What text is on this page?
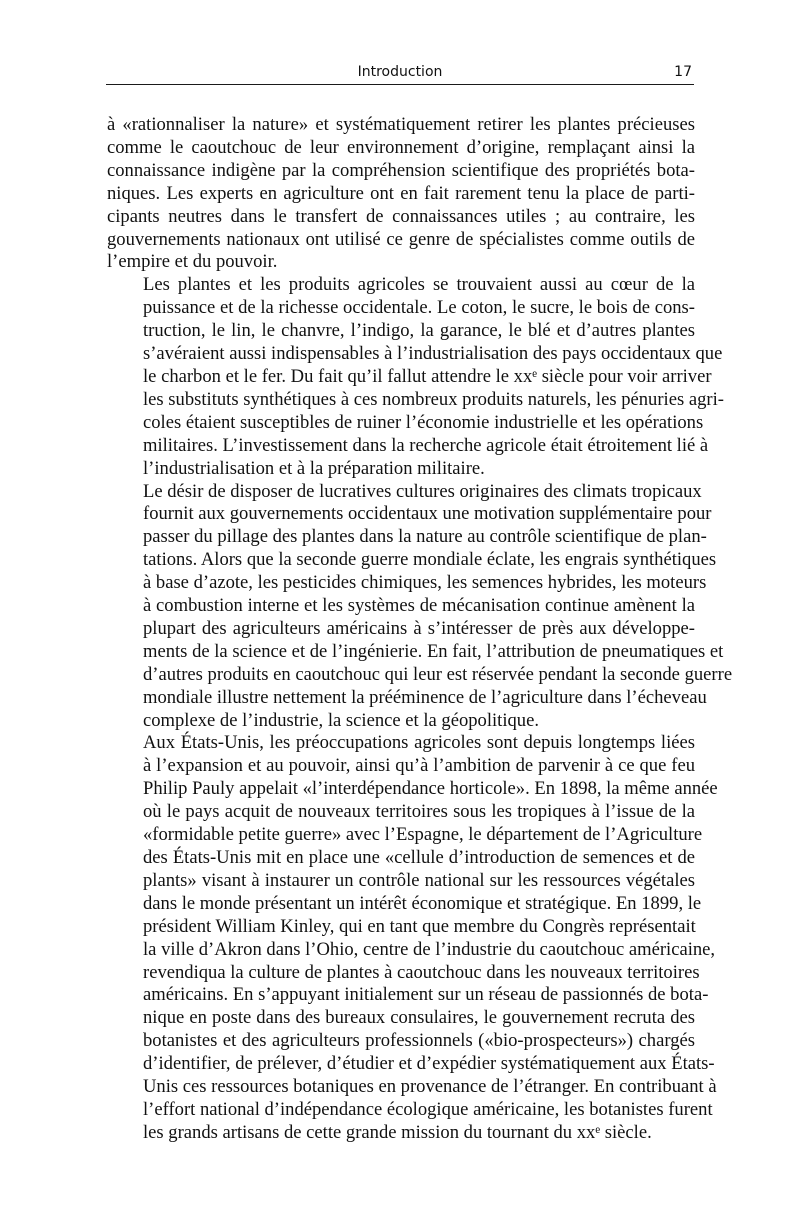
Introduction	17

à «rationnaliser la nature» et systématiquement retirer les plantes précieuses
comme le caoutchouc de leur environnement d’origine, remplaçant ainsi la
connaissance indigène par la compréhension scientifique des propriétés bota-
niques. Les experts en agriculture ont en fait rarement tenu la place de parti-
cipants neutres dans le transfert de connaissances utiles ; au contraire, les
gouvernements nationaux ont utilisé ce genre de spécialistes comme outils de
l’empire et du pouvoir.

Les plantes et les produits agricoles se trouvaient aussi au cœur de la
puissance et de la richesse occidentale. Le coton, le sucre, le bois de cons-
truction, le lin, le chanvre, l’indigo, la garance, le blé et d’autres plantes
s’avéraient aussi indispensables à l’industrialisation des pays occidentaux que
le charbon et le fer. Du fait qu’il fallut attendre le xxᵉ siècle pour voir arriver
les substituts synthétiques à ces nombreux produits naturels, les pénuries agri-
coles étaient susceptibles de ruiner l’économie industrielle et les opérations
militaires. L’investissement dans la recherche agricole était étroitement lié à
l’industrialisation et à la préparation militaire.

Le désir de disposer de lucratives cultures originaires des climats tropicaux
fournit aux gouvernements occidentaux une motivation supplémentaire pour
passer du pillage des plantes dans la nature au contrôle scientifique de plan-
tations. Alors que la seconde guerre mondiale éclate, les engrais synthétiques
à base d’azote, les pesticides chimiques, les semences hybrides, les moteurs
à combustion interne et les systèmes de mécanisation continue amènent la
plupart des agriculteurs américains à s’intéresser de près aux développe-
ments de la science et de l’ingénierie. En fait, l’attribution de pneumatiques et
d’autres produits en caoutchouc qui leur est réservée pendant la seconde guerre
mondiale illustre nettement la prééminence de l’agriculture dans l’écheveau
complexe de l’industrie, la science et la géopolitique.

Aux États-Unis, les préoccupations agricoles sont depuis longtemps liées
à l’expansion et au pouvoir, ainsi qu’à l’ambition de parvenir à ce que feu
Philip Pauly appelait «l’interdépendance horticole». En 1898, la même année
où le pays acquit de nouveaux territoires sous les tropiques à l’issue de la
«formidable petite guerre» avec l’Espagne, le département de l’Agriculture
des États-Unis mit en place une «cellule d’introduction de semences et de
plants» visant à instaurer un contrôle national sur les ressources végétales
dans le monde présentant un intérêt économique et stratégique. En 1899, le
président William Kinley, qui en tant que membre du Congrès représentait
la ville d’Akron dans l’Ohio, centre de l’industrie du caoutchouc américaine,
revendiqua la culture de plantes à caoutchouc dans les nouveaux territoires
américains. En s’appuyant initialement sur un réseau de passionnés de bota-
nique en poste dans des bureaux consulaires, le gouvernement recruta des
botanistes et des agriculteurs professionnels («bio-prospecteurs») chargés
d’identifier, de prélever, d’étudier et d’expédier systématiquement aux États-
Unis ces ressources botaniques en provenance de l’étranger. En contribuant à
l’effort national d’indépendance écologique américaine, les botanistes furent
les grands artisans de cette grande mission du tournant du xxᵉ siècle.
